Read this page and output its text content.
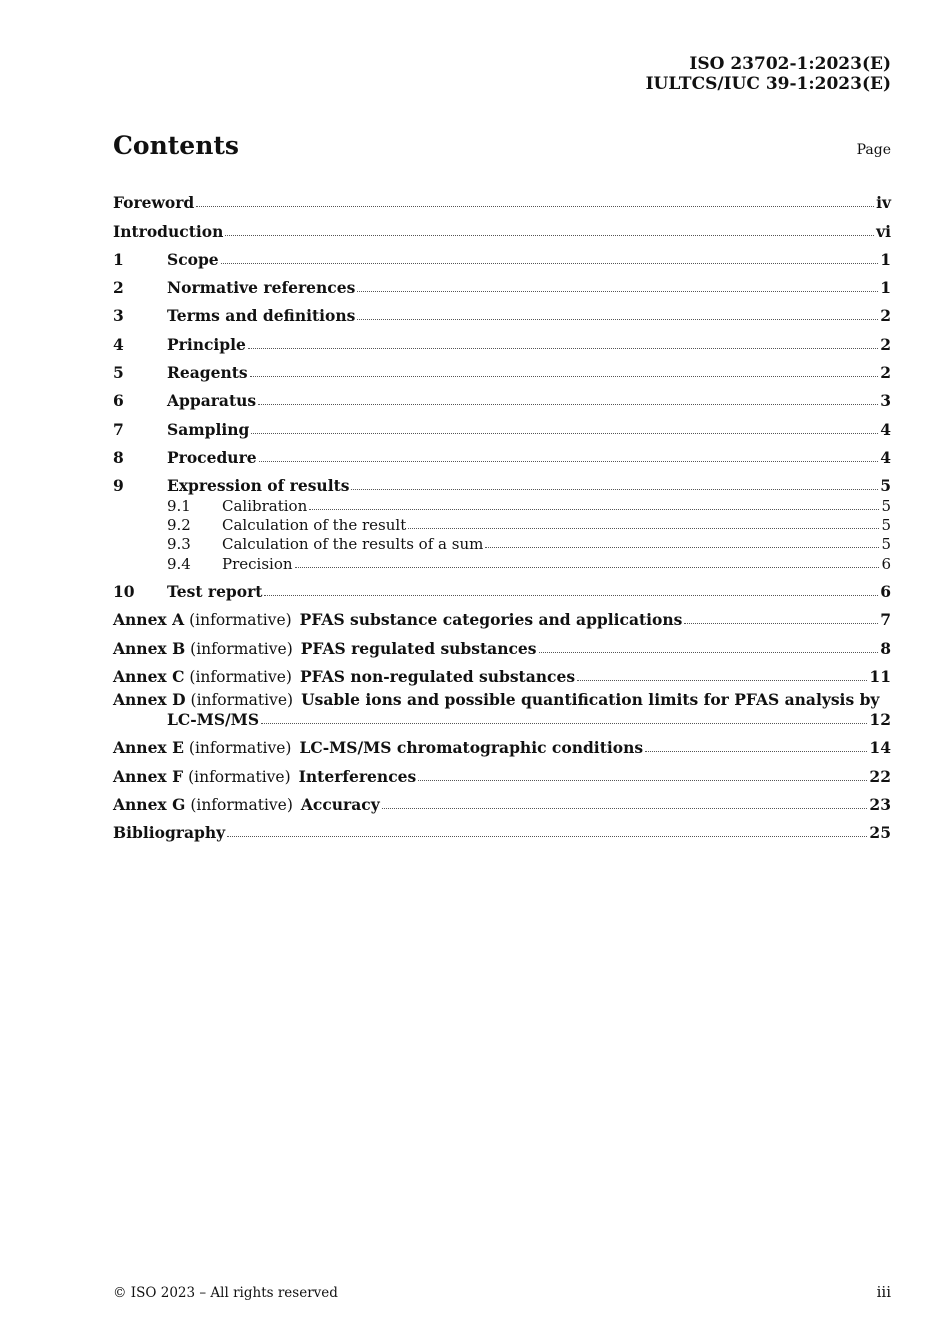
ISO 23702-1:2023(E)
IULTCS/IUC 39-1:2023(E)
Contents	Page
Foreword	iv
Introduction	vi
1	Scope	1
2	Normative references	1
3	Terms and definitions	2
4	Principle	2
5	Reagents	2
6	Apparatus	3
7	Sampling	4
8	Procedure	4
9	Expression of results	5
9.1	Calibration	5
9.2	Calculation of the result	5
9.3	Calculation of the results of a sum	5
9.4	Precision	6
10	Test report	6
Annex A (informative) PFAS substance categories and applications	7
Annex B (informative) PFAS regulated substances	8
Annex C (informative) PFAS non-regulated substances	11
Annex D (informative) Usable ions and possible quantification limits for PFAS analysis by
LC-MS/MS	12
Annex E (informative) LC-MS/MS chromatographic conditions	14
Annex F (informative) Interferences	22
Annex G (informative) Accuracy	23
Bibliography	25
© ISO 2023 – All rights reserved	iii
